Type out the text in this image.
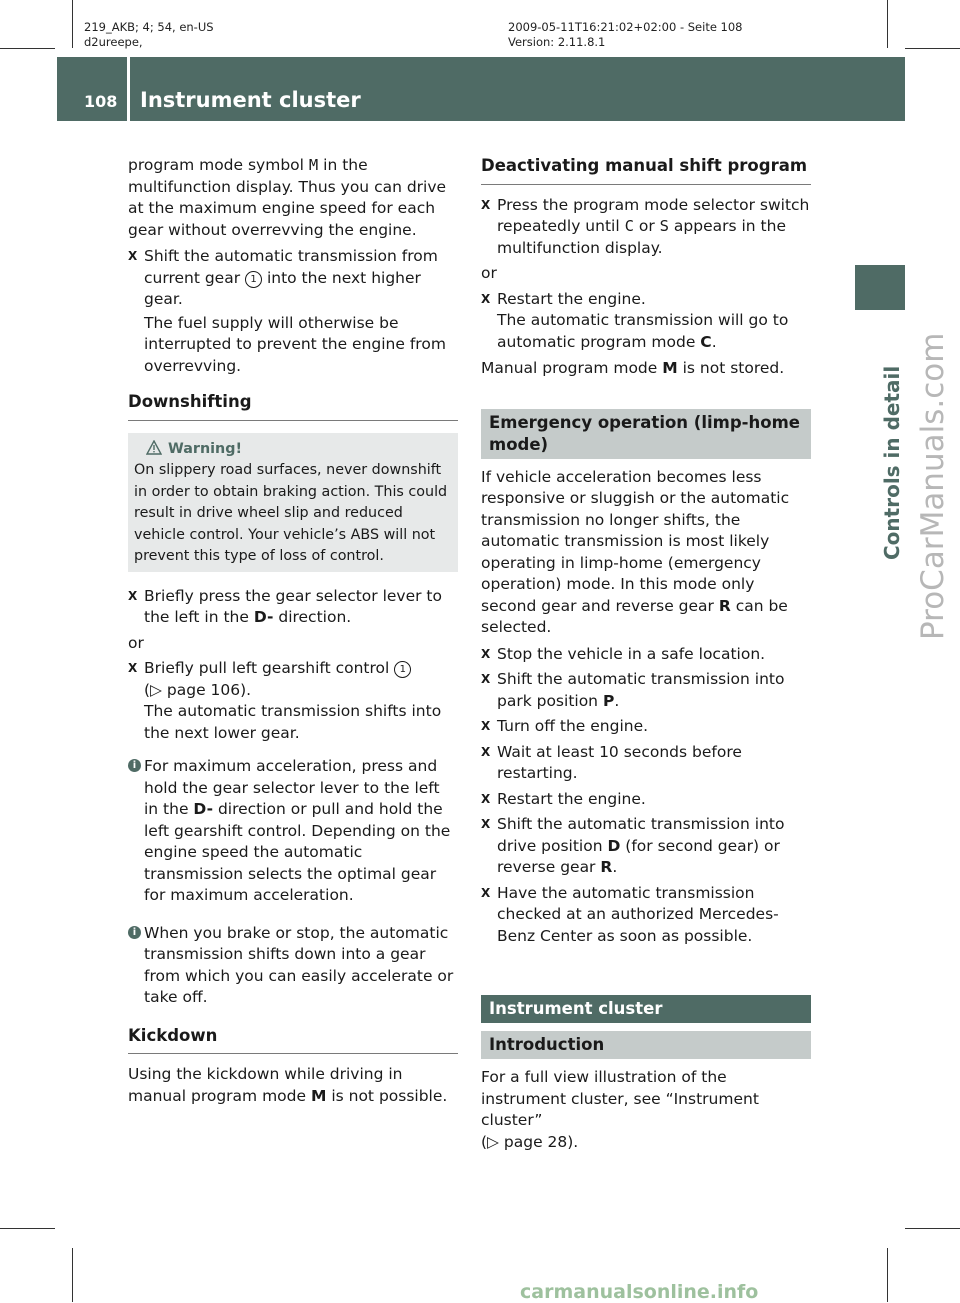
219_AKB; 4; 54, en-US
d2ureepe,
2009-05-11T16:21:02+02:00 - Seite 108
Version: 2.11.8.1
108	Instrument cluster
Controls in detail ProCarManuals.com

program mode symbol M in the multifunction display. Thus you can drive at the maximum engine speed for each gear without overrevving the engine.

X Shift the automatic transmission from current gear 1 into the next higher gear.

The fuel supply will otherwise be interrupted to prevent the engine from overrevving.

Downshifting
Warning!

On slippery road surfaces, never downshift in order to obtain braking action. This could result in drive wheel slip and reduced vehicle control. Your vehicle’s ABS will not prevent this type of loss of control.

X Briefly press the gear selector lever to the left in the D- direction.

or

X Briefly pull left gearshift control 1

(▷ page 106).

The automatic transmission shifts into the next lower gear.

i For maximum acceleration, press and hold the gear selector lever to the left in the D- direction or pull and hold the left gearshift control. Depending on the engine speed the automatic transmission selects the optimal gear for maximum acceleration.
i When you brake or stop, the automatic transmission shifts down into a gear from which you can easily accelerate or take off.
Kickdown

Using the kickdown while driving in manual program mode M is not possible.

Deactivating manual shift program
X Press the program mode selector switch repeatedly until C or S appears in the multifunction display.

or

X Restart the engine.

The automatic transmission will go to automatic program mode C.

Manual program mode M is not stored.

Emergency operation (limp-home mode)

If vehicle acceleration becomes less responsive or sluggish or the automatic transmission no longer shifts, the automatic transmission is most likely operating in limp-home (emergency operation) mode. In this mode only second gear and reverse gear R can be selected.

X Stop the vehicle in a safe location.
X Shift the automatic transmission into park position P.
X Turn off the engine.
X Wait at least 10 seconds before restarting.
X Restart the engine.
X Shift the automatic transmission into drive position D (for second gear) or reverse gear R.
X Have the automatic transmission checked at an authorized Mercedes-Benz Center as soon as possible.
Instrument cluster
Introduction

For a full view illustration of the instrument cluster, see “Instrument cluster”

(▷ page 28).

carmanualsonline.info
